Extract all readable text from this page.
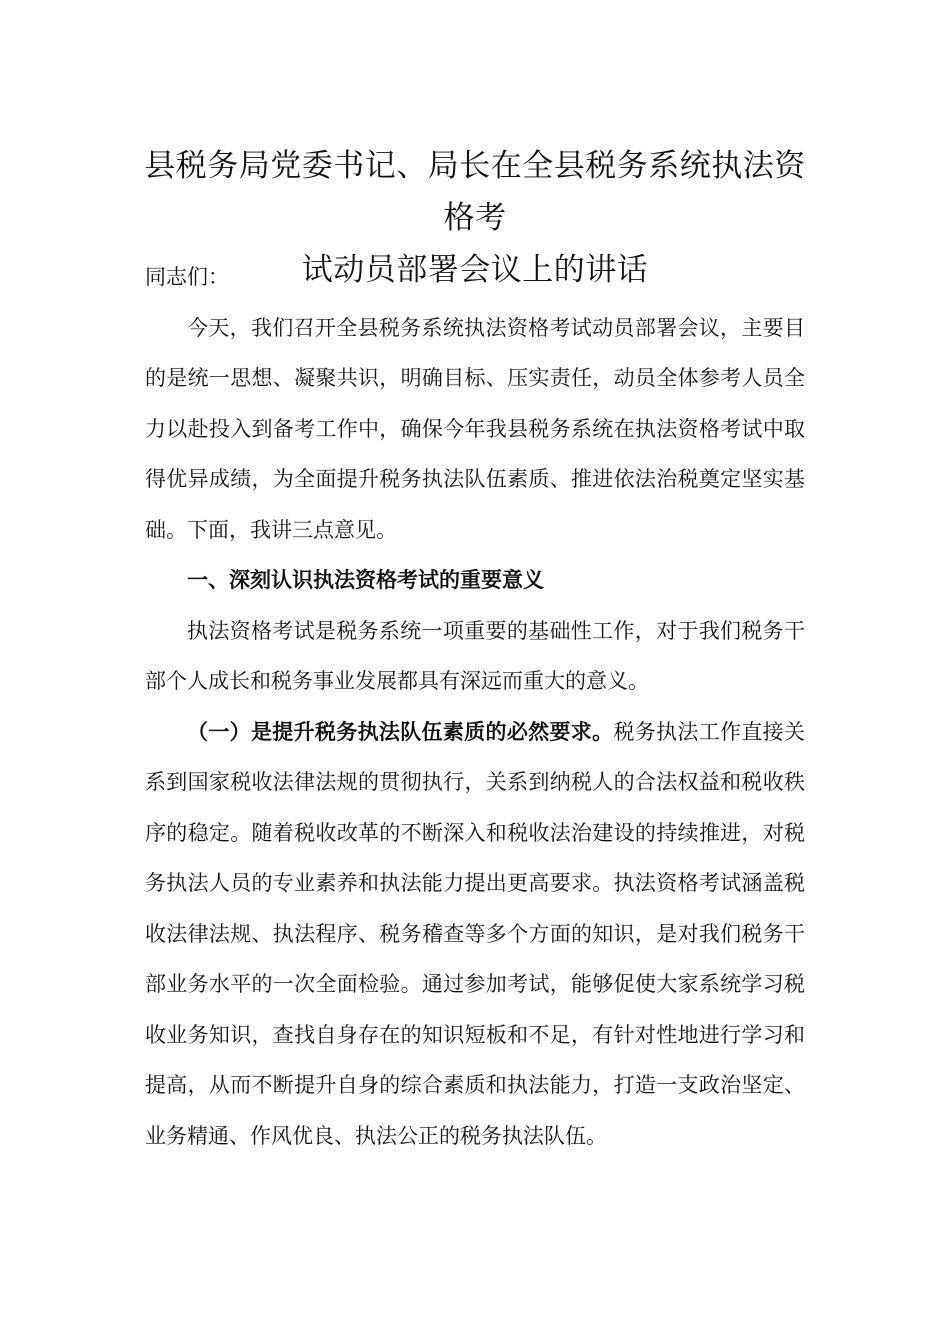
县税务局党委书记、局长在全县税务系统执法资格考
试动员部署会议上的讲话

同志们：

今天，我们召开全县税务系统执法资格考试动员部署会议，主要目的是统一思想、凝聚共识，明确目标、压实责任，动员全体参考人员全力以赴投入到备考工作中，确保今年我县税务系统在执法资格考试中取得优异成绩，为全面提升税务执法队伍素质、推进依法治税奠定坚实基础。下面，我讲三点意见。

一、深刻认识执法资格考试的重要意义

执法资格考试是税务系统一项重要的基础性工作，对于我们税务干部个人成长和税务事业发展都具有深远而重大的意义。

（一）是提升税务执法队伍素质的必然要求。税务执法工作直接关系到国家税收法律法规的贯彻执行，关系到纳税人的合法权益和税收秩序的稳定。随着税收改革的不断深入和税收法治建设的持续推进，对税务执法人员的专业素养和执法能力提出更高要求。执法资格考试涵盖税收法律法规、执法程序、税务稽查等多个方面的知识，是对我们税务干部业务水平的一次全面检验。通过参加考试，能够促使大家系统学习税收业务知识，查找自身存在的知识短板和不足，有针对性地进行学习和提高，从而不断提升自身的综合素质和执法能力，打造一支政治坚定、业务精通、作风优良、执法公正的税务执法队伍。
